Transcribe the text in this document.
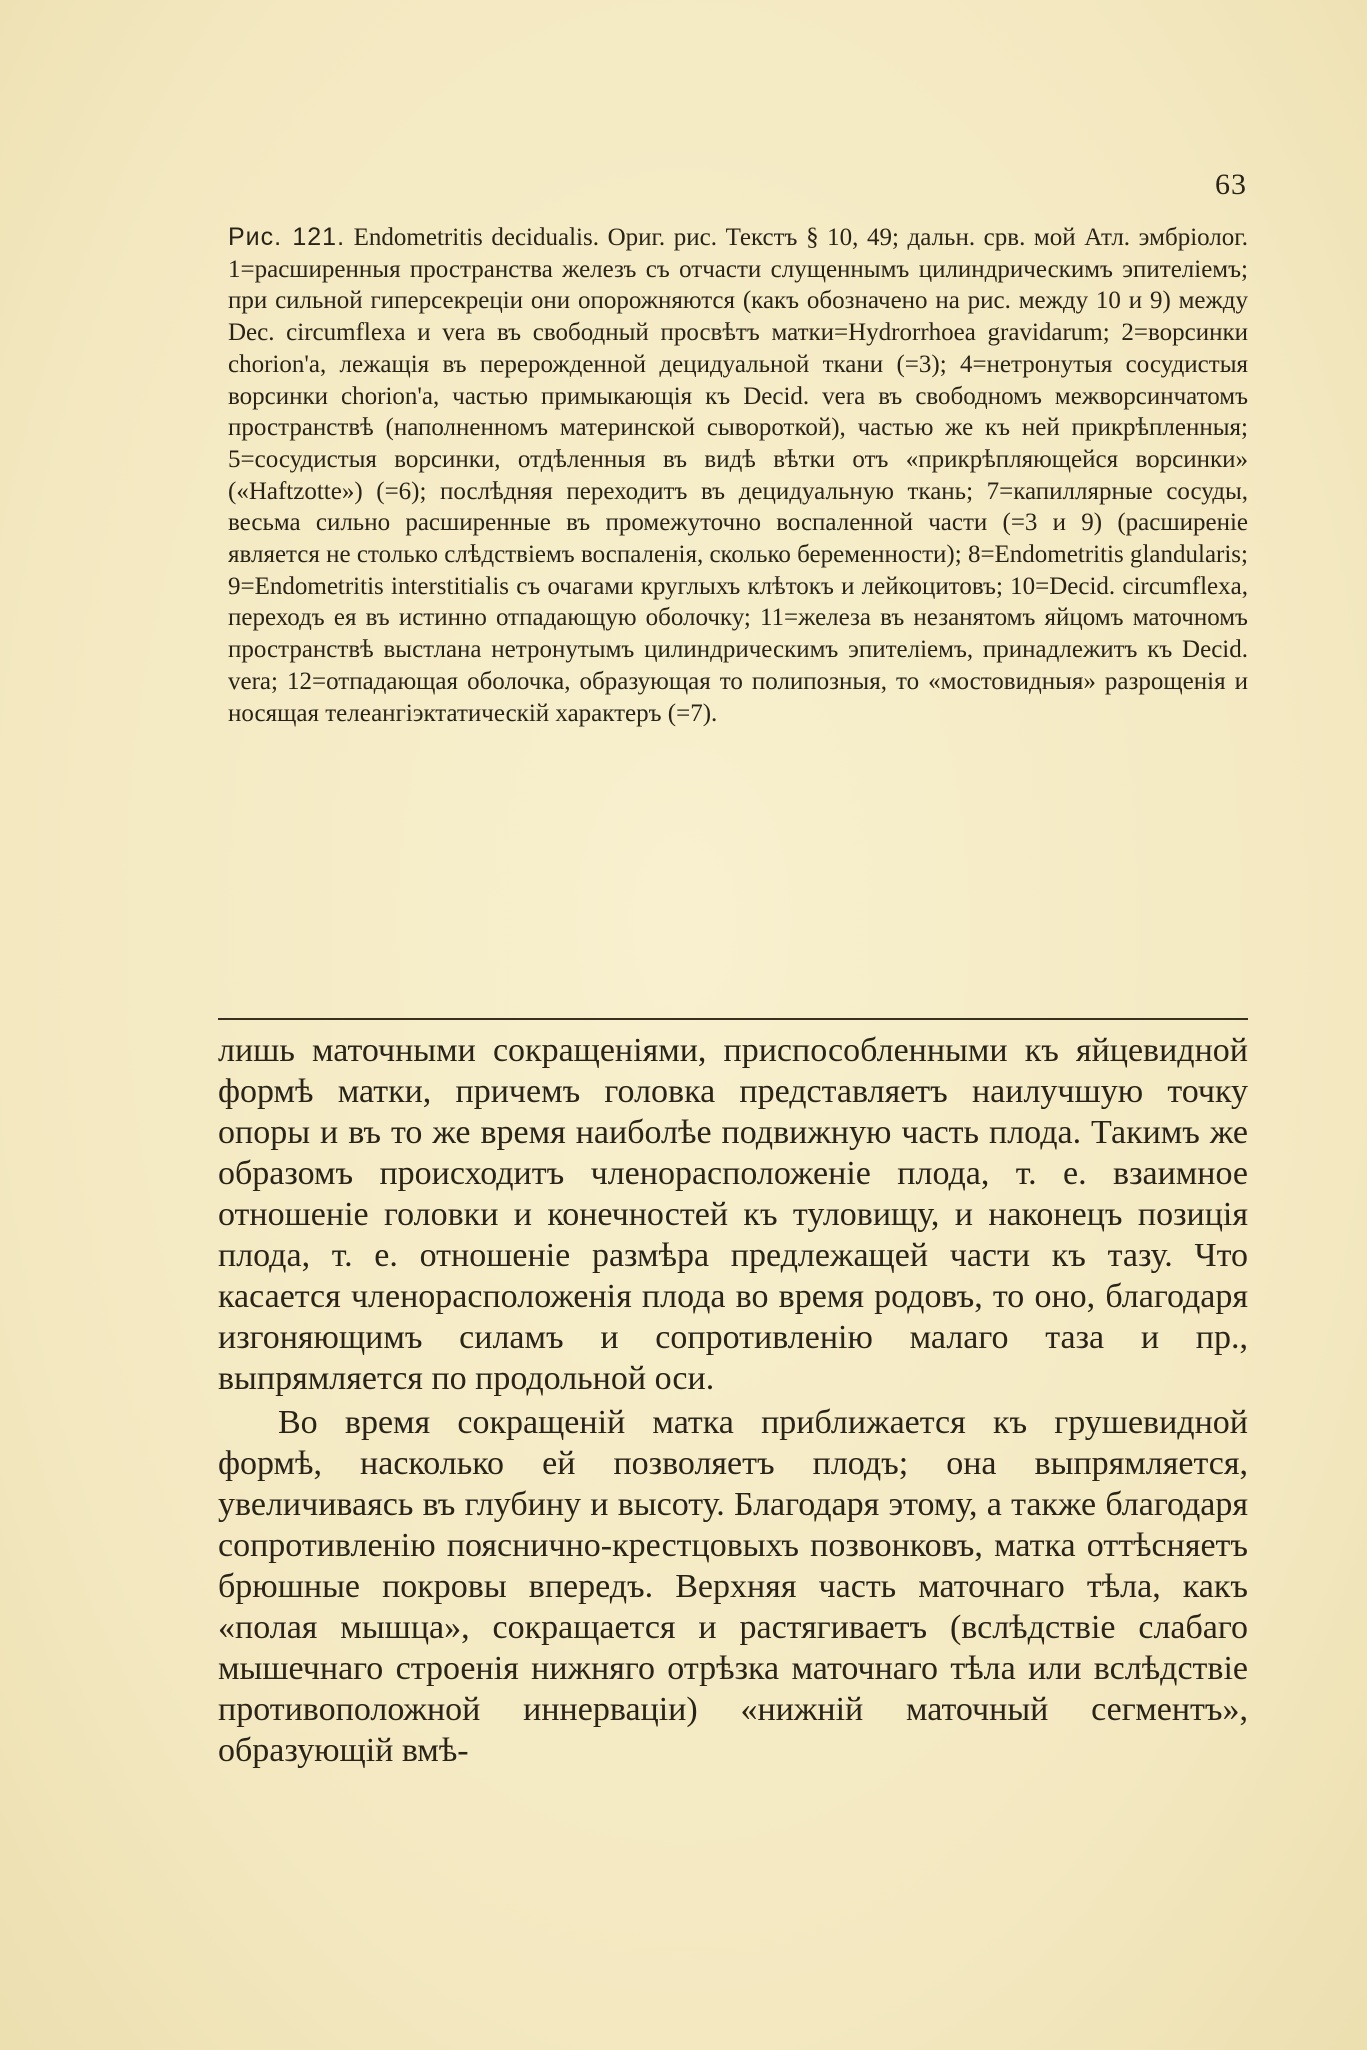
63
Рис. 121. Endometritis decidualis. Ориг. рис. Текстъ § 10, 49; дальн. срв. мой Атл. эмбріолог. 1=расширенныя пространства железъ съ отчасти слущеннымъ цилиндрическимъ эпителіемъ; при сильной гиперсекреціи они опорожняются (какъ обозначено на рис. между 10 и 9) между Dec. circumflexa и vera въ свободный просвѣтъ матки=Hydrorrhoea gravidarum; 2=ворсинки chorion'а, лежащія въ перерожденной децидуальной ткани (=3); 4=нетронутыя сосудистыя ворсинки chorion'а, частью примыкающія къ Decid. vera въ свободномъ межворсинчатомъ пространствѣ (наполненномъ материнской сывороткой), частью же къ ней прикрѣпленныя; 5=сосудистыя ворсинки, отдѣленныя въ видѣ вѣтки отъ «прикрѣпляющейся ворсинки» («Haftzotte») (=6); послѣдняя переходитъ въ децидуальную ткань; 7=капиллярные сосуды, весьма сильно расширенные въ промежуточно воспаленной части (=3 и 9) (расширеніе является не столько слѣдствіемъ воспаленія, сколько беременности); 8=Endometritis glandularis; 9=Endometritis interstitialis съ очагами круглыхъ клѣтокъ и лейкоцитовъ; 10=Decid. circumflexa, переходъ ея въ истинно отпадающую оболочку; 11=железа въ незанятомъ яйцомъ маточномъ пространствѣ выстлана нетронутымъ цилиндрическимъ эпителіемъ, принадлежитъ къ Decid. vera; 12=отпадающая оболочка, образующая то полипозныя, то «мостовидныя» разрощенія и носящая телеангіэктатическій характеръ (=7).

лишь маточными сокращеніями, приспособленными къ яйцевидной формѣ матки, причемъ головка представляетъ наилучшую точку опоры и въ то же время наиболѣе подвижную часть плода. Такимъ же образомъ происходитъ членорасположеніе плода, т. е. взаимное отношеніе головки и конечностей къ туловищу, и наконецъ позиція плода, т. е. отношеніе размѣра предлежащей части къ тазу. Что касается членорасположенія плода во время родовъ, то оно, благодаря изгоняющимъ силамъ и сопротивленію малаго таза и пр., выпрямляется по продольной оси.

Во время сокращеній матка приближается къ грушевидной формѣ, насколько ей позволяетъ плодъ; она выпрямляется, увеличиваясь въ глубину и высоту. Благодаря этому, а также благодаря сопротивленію пояснично-крестцовыхъ позвонковъ, матка оттѣсняетъ брюшные покровы впередъ. Верхняя часть маточнаго тѣла, какъ «полая мышца», сокращается и растягиваетъ (вслѣдствіе слабаго мышечнаго строенія нижняго отрѣзка маточнаго тѣла или вслѣдствіе противоположной иннерваціи) «нижній маточный сегментъ», образующій вмѣ-
